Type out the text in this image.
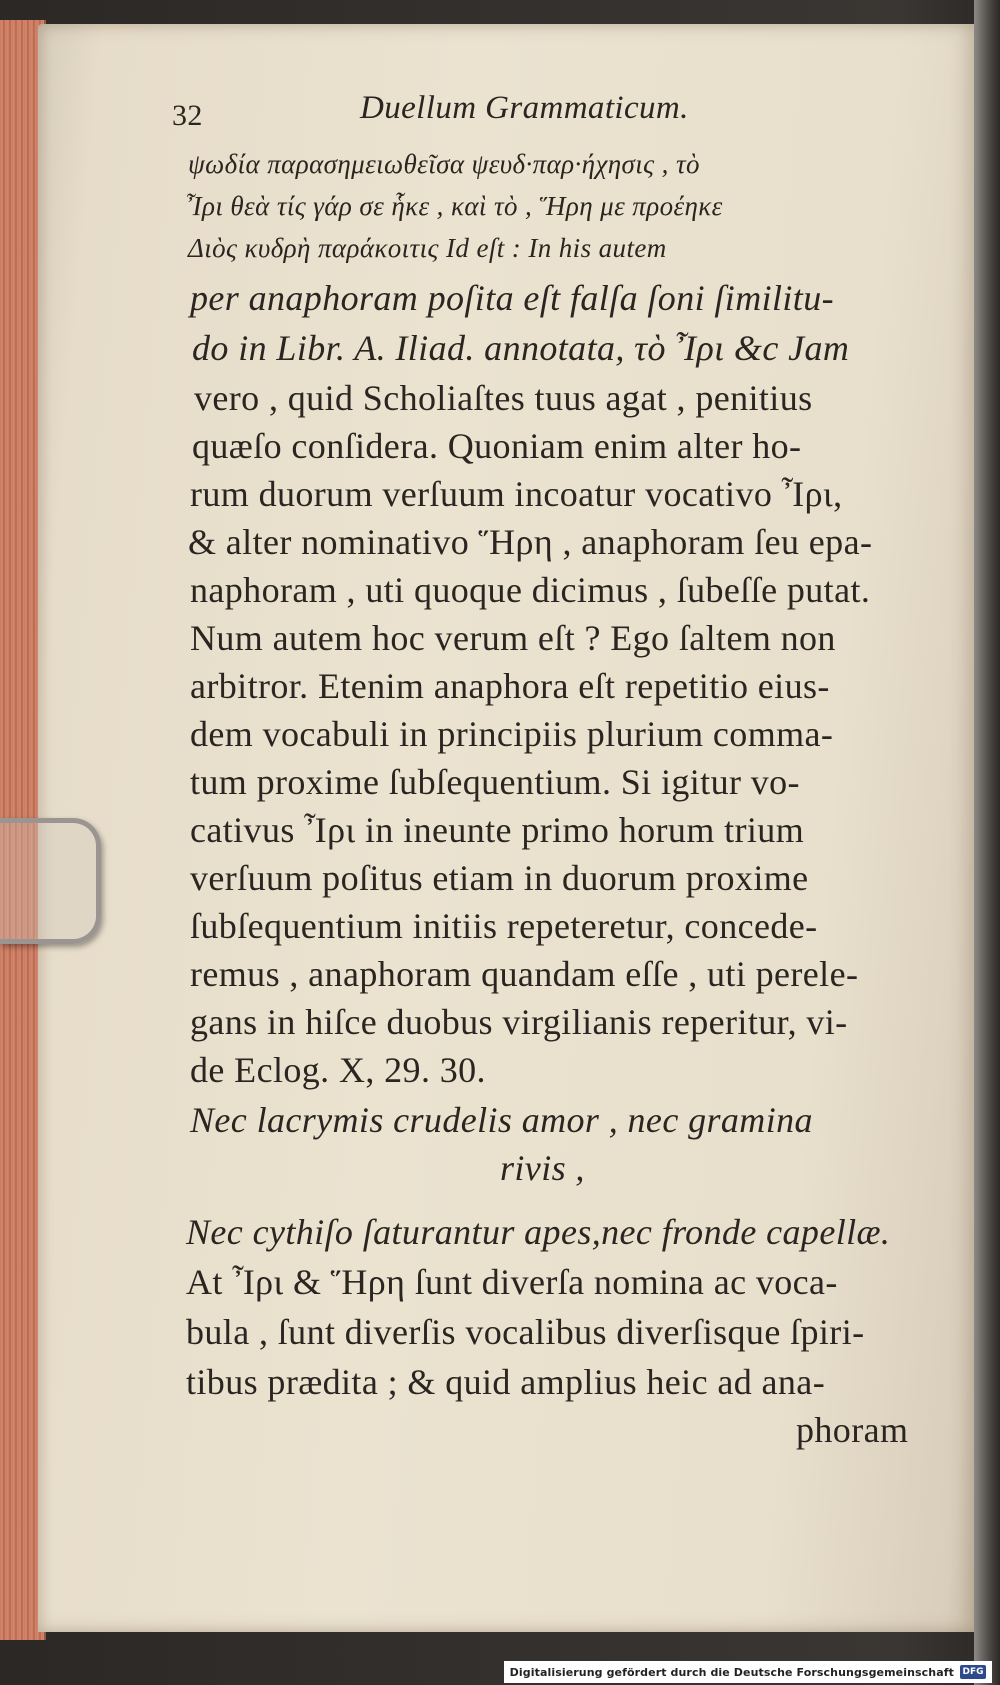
32	Duellum Grammaticum.
ψωδία παρασημειωθεῖσα ψευδ·παρ·ήχησις , τὸ
Ἶρι θεὰ τίς γάρ σε ἧκε , καὶ τὸ , Ἥρη με προέηκε
Διὸς κυδρὴ παράκοιτις Id eſt : In his autem
per anaphoram poſita eſt falſa ſoni ſimilitu-
do in Libr. A. Iliad. annotata, τὸ Ἶρι &c Jam
vero , quid Scholiaſtes tuus agat , penitius
quæſo conſidera. Quoniam enim alter ho-
rum duorum verſuum incoatur vocativo Ἶρι,
& alter nominativo Ἥρη , anaphoram ſeu epa-
naphoram , uti quoque dicimus , ſubeſſe putat.
Num autem hoc verum eſt ? Ego ſaltem non
arbitror. Etenim anaphora eſt repetitio eius-
dem vocabuli in principiis plurium comma-
tum proxime ſubſequentium. Si igitur vo-
cativus Ἶρι in ineunte primo horum trium
verſuum poſitus etiam in duorum proxime
ſubſequentium initiis repeteretur, concede-
remus , anaphoram quandam eſſe , uti perele-
gans in hiſce duobus virgilianis reperitur, vi-
de Eclog. X, 29. 30.
Nec lacrymis crudelis amor , nec gramina
rivis ,
Nec cythiſo ſaturantur apes,nec fronde capellæ.
At Ἶρι & Ἥρη ſunt diverſa nomina ac voca-
bula , ſunt diverſis vocalibus diverſisque ſpiri-
tibus prædita ; & quid amplius heic ad ana-
phoram
Digitalisierung gefördert durch die Deutsche Forschungsgemeinschaft DFG
